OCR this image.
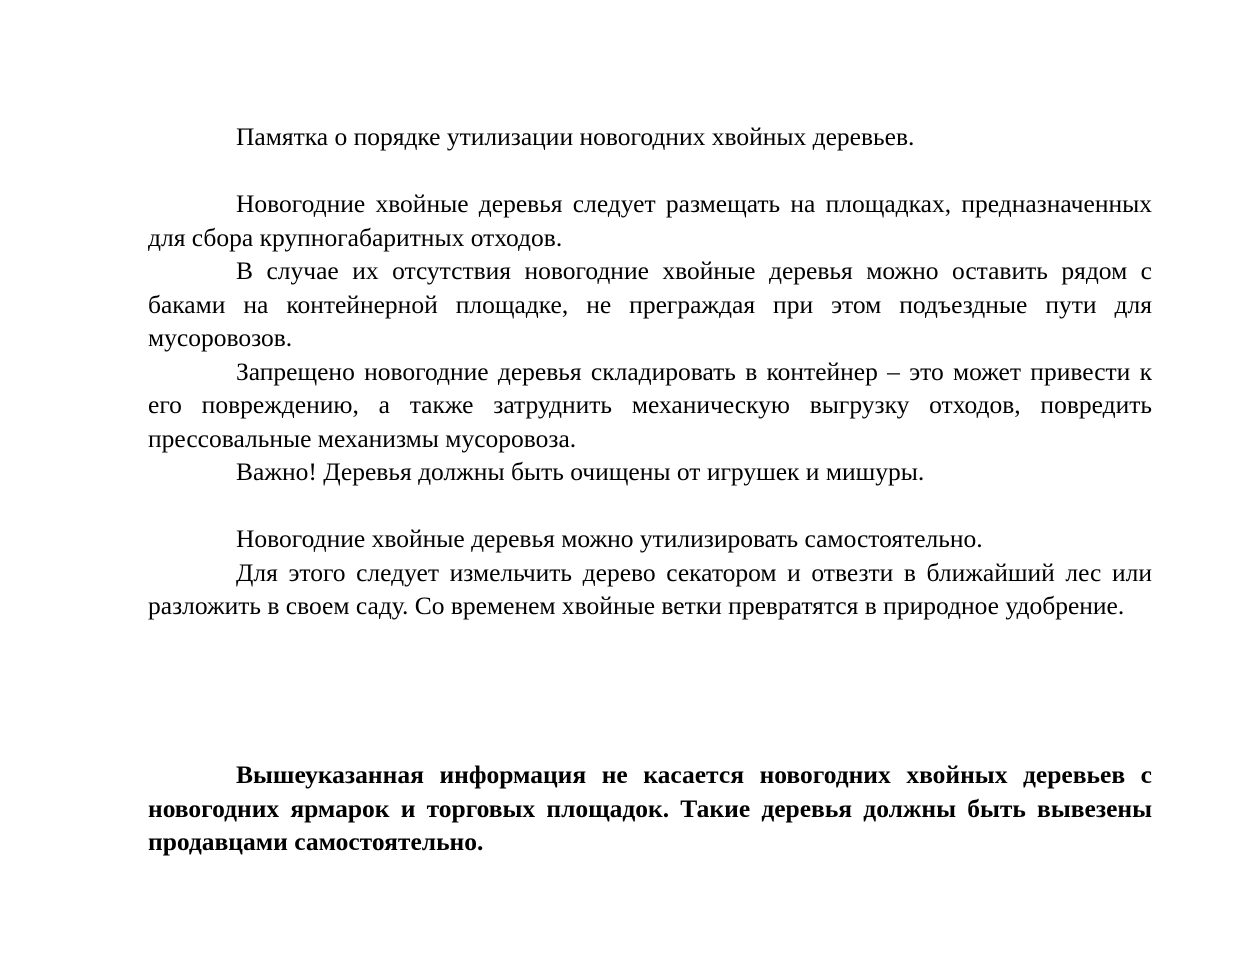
Памятка о порядке утилизации новогодних хвойных деревьев.

Новогодние хвойные деревья следует размещать на площадках, предназначенных для сбора крупногабаритных отходов.

В случае их отсутствия новогодние хвойные деревья можно оставить рядом с баками на контейнерной площадке, не преграждая при этом подъездные пути для мусоровозов.

Запрещено новогодние деревья складировать в контейнер – это может привести к его повреждению, а также затруднить механическую выгрузку отходов, повредить прессовальные механизмы мусоровоза.

Важно! Деревья должны быть очищены от игрушек и мишуры.

Новогодние хвойные деревья можно утилизировать самостоятельно.

Для этого следует измельчить дерево секатором и отвезти в ближайший лес или разложить в своем саду. Со временем хвойные ветки превратятся в природное удобрение.

Вышеуказанная информация не касается новогодних хвойных деревьев с новогодних ярмарок и торговых площадок. Такие деревья должны быть вывезены продавцами самостоятельно.
